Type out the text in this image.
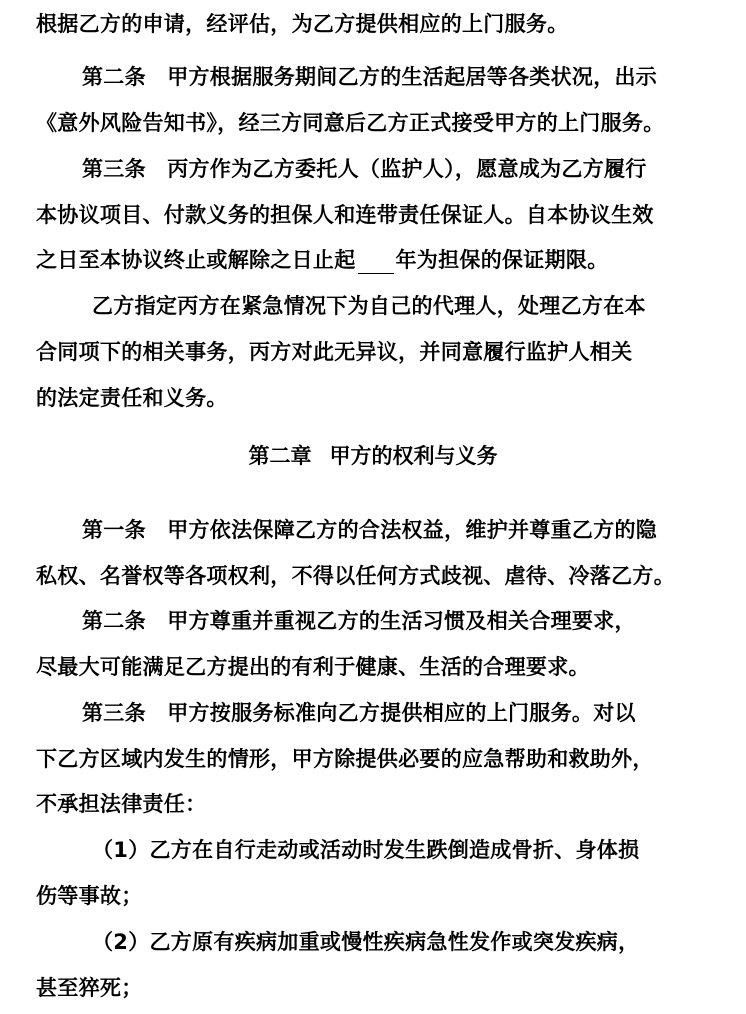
根据乙方的申请，经评估，为乙方提供相应的上门服务。
第二条　甲方根据服务期间乙方的生活起居等各类状况，出示
《意外风险告知书》，经三方同意后乙方正式接受甲方的上门服务。
第三条　丙方作为乙方委托人（监护人），愿意成为乙方履行
本协议项目、付款义务的担保人和连带责任保证人。自本协议生效
之日至本协议终止或解除之日止起 年为担保的保证期限。
乙方指定丙方在紧急情况下为自己的代理人，处理乙方在本
合同项下的相关事务，丙方对此无异议，并同意履行监护人相关
的法定责任和义务。
第二章 甲方的权利与义务
第一条　甲方依法保障乙方的合法权益，维护并尊重乙方的隐
私权、名誉权等各项权利，不得以任何方式歧视、虐待、冷落乙方。
第二条　甲方尊重并重视乙方的生活习惯及相关合理要求，
尽最大可能满足乙方提出的有利于健康、生活的合理要求。
第三条　甲方按服务标准向乙方提供相应的上门服务。对以
下乙方区域内发生的情形，甲方除提供必要的应急帮助和救助外，
不承担法律责任：
（1）乙方在自行走动或活动时发生跌倒造成骨折、身体损
伤等事故；
（2）乙方原有疾病加重或慢性疾病急性发作或突发疾病，
甚至猝死；
